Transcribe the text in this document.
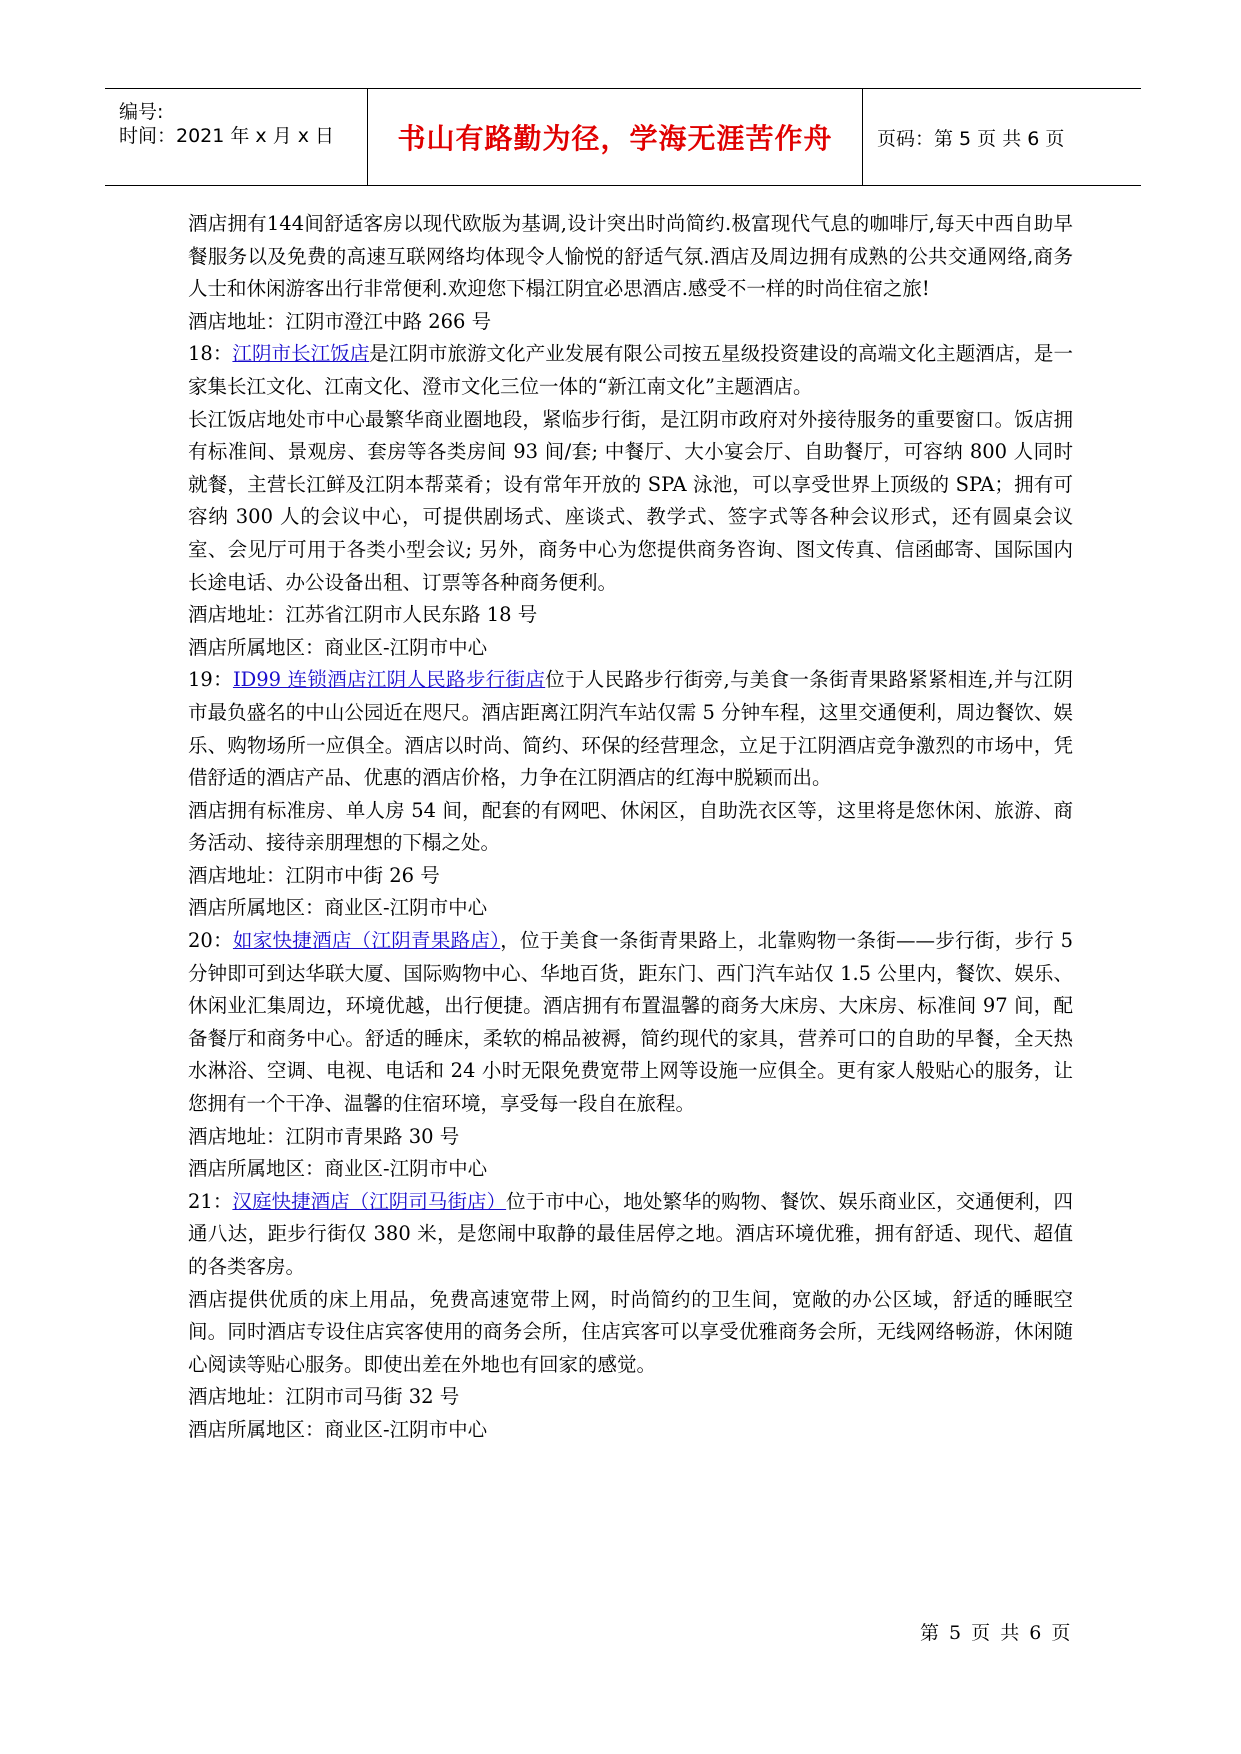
编号:
时间：2021 年 x 月 x 日 书山有路勤为径，学海无涯苦作舟 页码：第 5 页 共 6 页

酒店拥有144间舒适客房以现代欧版为基调,设计突出时尚简约.极富现代气息的咖啡厅,每天中西自助早餐服务以及免费的高速互联网络均体现令人愉悦的舒适气氛.酒店及周边拥有成熟的公共交通网络,商务人士和休闲游客出行非常便利.欢迎您下榻江阴宜必思酒店.感受不一样的时尚住宿之旅!

酒店地址：江阴市澄江中路 266 号

18：江阴市长江饭店是江阴市旅游文化产业发展有限公司按五星级投资建设的高端文化主题酒店，是一家集长江文化、江南文化、澄市文化三位一体的“新江南文化”主题酒店。

长江饭店地处市中心最繁华商业圈地段，紧临步行街，是江阴市政府对外接待服务的重要窗口。饭店拥有标准间、景观房、套房等各类房间 93 间/套; 中餐厅、大小宴会厅、自助餐厅，可容纳 800 人同时就餐，主营长江鲜及江阴本帮菜肴；设有常年开放的 SPA 泳池，可以享受世界上顶级的 SPA；拥有可容纳 300 人的会议中心，可提供剧场式、座谈式、教学式、签字式等各种会议形式，还有圆桌会议室、会见厅可用于各类小型会议; 另外，商务中心为您提供商务咨询、图文传真、信函邮寄、国际国内长途电话、办公设备出租、订票等各种商务便利。

酒店地址：江苏省江阴市人民东路 18 号

酒店所属地区：商业区-江阴市中心

19：ID99 连锁酒店江阴人民路步行街店位于人民路步行街旁,与美食一条街青果路紧紧相连,并与江阴市最负盛名的中山公园近在咫尺。酒店距离江阴汽车站仅需 5 分钟车程，这里交通便利，周边餐饮、娱乐、购物场所一应俱全。酒店以时尚、简约、环保的经营理念，立足于江阴酒店竞争激烈的市场中，凭借舒适的酒店产品、优惠的酒店价格，力争在江阴酒店的红海中脱颖而出。

酒店拥有标准房、单人房 54 间，配套的有网吧、休闲区，自助洗衣区等，这里将是您休闲、旅游、商务活动、接待亲朋理想的下榻之处。

酒店地址：江阴市中街 26 号

酒店所属地区：商业区-江阴市中心

20：如家快捷酒店（江阴青果路店），位于美食一条街青果路上，北靠购物一条街——步行街，步行 5 分钟即可到达华联大厦、国际购物中心、华地百货，距东门、西门汽车站仅 1.5 公里内，餐饮、娱乐、休闲业汇集周边，环境优越，出行便捷。酒店拥有布置温馨的商务大床房、大床房、标准间 97 间，配备餐厅和商务中心。舒适的睡床，柔软的棉品被褥，简约现代的家具，营养可口的自助的早餐，全天热水淋浴、空调、电视、电话和 24 小时无限免费宽带上网等设施一应俱全。更有家人般贴心的服务，让您拥有一个干净、温馨的住宿环境，享受每一段自在旅程。

酒店地址：江阴市青果路 30 号

酒店所属地区：商业区-江阴市中心

21：汉庭快捷酒店（江阴司马街店）位于市中心，地处繁华的购物、餐饮、娱乐商业区，交通便利，四通八达，距步行街仅 380 米，是您闹中取静的最佳居停之地。酒店环境优雅，拥有舒适、现代、超值的各类客房。

酒店提供优质的床上用品，免费高速宽带上网，时尚简约的卫生间，宽敞的办公区域，舒适的睡眠空间。同时酒店专设住店宾客使用的商务会所，住店宾客可以享受优雅商务会所，无线网络畅游，休闲随心阅读等贴心服务。即使出差在外地也有回家的感觉。

酒店地址：江阴市司马街 32 号

酒店所属地区：商业区-江阴市中心

第 5 页 共 6 页
